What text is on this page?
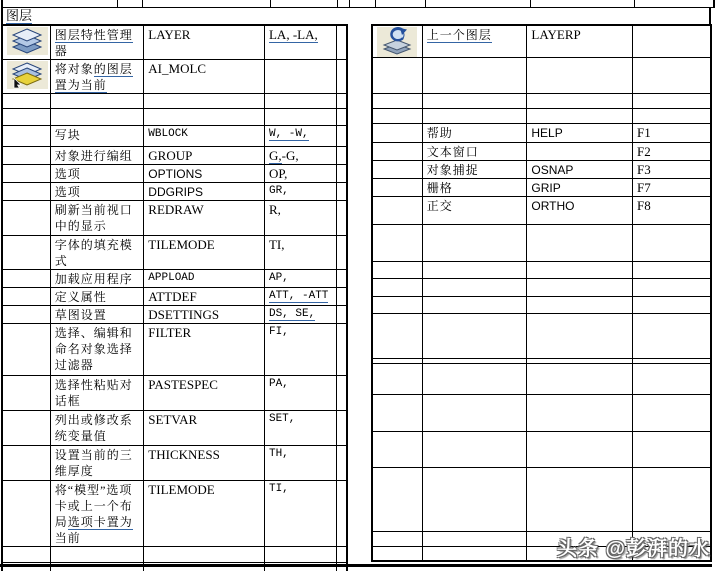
图层
	图层特性管理器	LAYER	LA, -LA,	

	将对象的图层置为当前	AI_MOLC		

	写块	WBLOCK	W, -W,	
	对象进行编组	GROUP	G,-G,	
	选项	OPTIONS	OP,	
	选项	DDGRIPS	GR,	
	刷新当前视口中的显示	REDRAW	R,	
	字体的填充模式	TILEMODE	TI,	
	加载应用程序	APPLOAD	AP,	
	定义属性	ATTDEF	ATT, -ATT	
	草图设置	DSETTINGS	DS, SE,	
	选择、编辑和命名对象选择过滤器	FILTER	FI,	
	选择性粘贴对话框	PASTESPEC	PA,	
	列出或修改系统变量值	SETVAR	SET,	
	设置当前的三维厚度	THICKNESS	TH,	
	将“模型”选项卡或上一个布局选项卡置为当前	TILEMODE	TI,	

	上一个图层	LAYERP	

	帮助	HELP	F1
	文本窗口		F2
	对象捕捉	OSNAP	F3
	栅格	GRIP	F7
	正交	ORTHO	F8

头条 @彭湃的水
